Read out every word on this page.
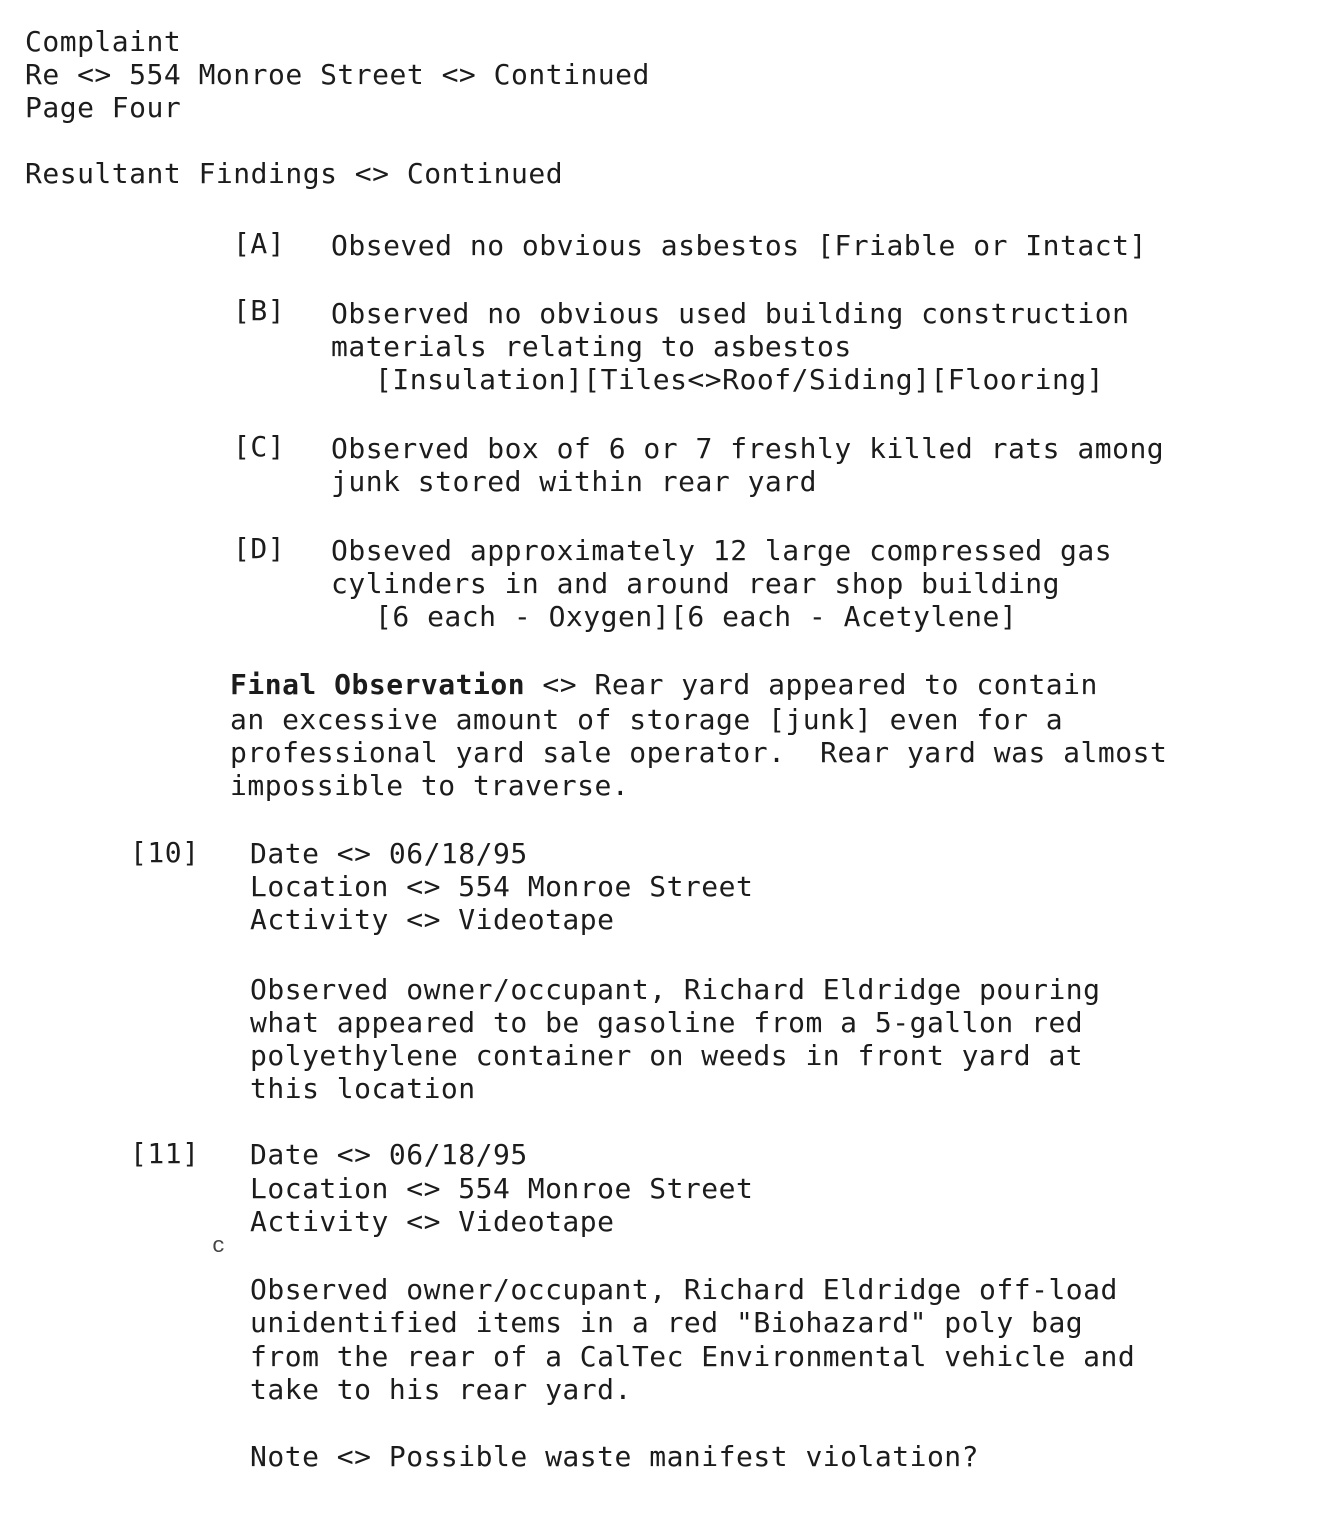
Complaint
Re <> 554 Monroe Street <> Continued
Page Four
Resultant Findings <> Continued
[A] Obseved no obvious asbestos [Friable or Intact]
[B] Observed no obvious used building construction
materials relating to asbestos
[Insulation][Tiles<>Roof/Siding][Flooring]
[C] Observed box of 6 or 7 freshly killed rats among
junk stored within rear yard
[D] Obseved approximately 12 large compressed gas
cylinders in and around rear shop building
[6 each - Oxygen][6 each - Acetylene]
Final Observation <> Rear yard appeared to contain
an excessive amount of storage [junk] even for a
professional yard sale operator.  Rear yard was almost
impossible to traverse.
[10] Date <> 06/18/95
Location <> 554 Monroe Street
Activity <> Videotape
Observed owner/occupant, Richard Eldridge pouring
what appeared to be gasoline from a 5-gallon red
polyethylene container on weeds in front yard at
this location
[11] Date <> 06/18/95
Location <> 554 Monroe Street
Activity <> Videotape
ᴄ
Observed owner/occupant, Richard Eldridge off-load
unidentified items in a red "Biohazard" poly bag
from the rear of a CalTec Environmental vehicle and
take to his rear yard.
Note <> Possible waste manifest violation?
